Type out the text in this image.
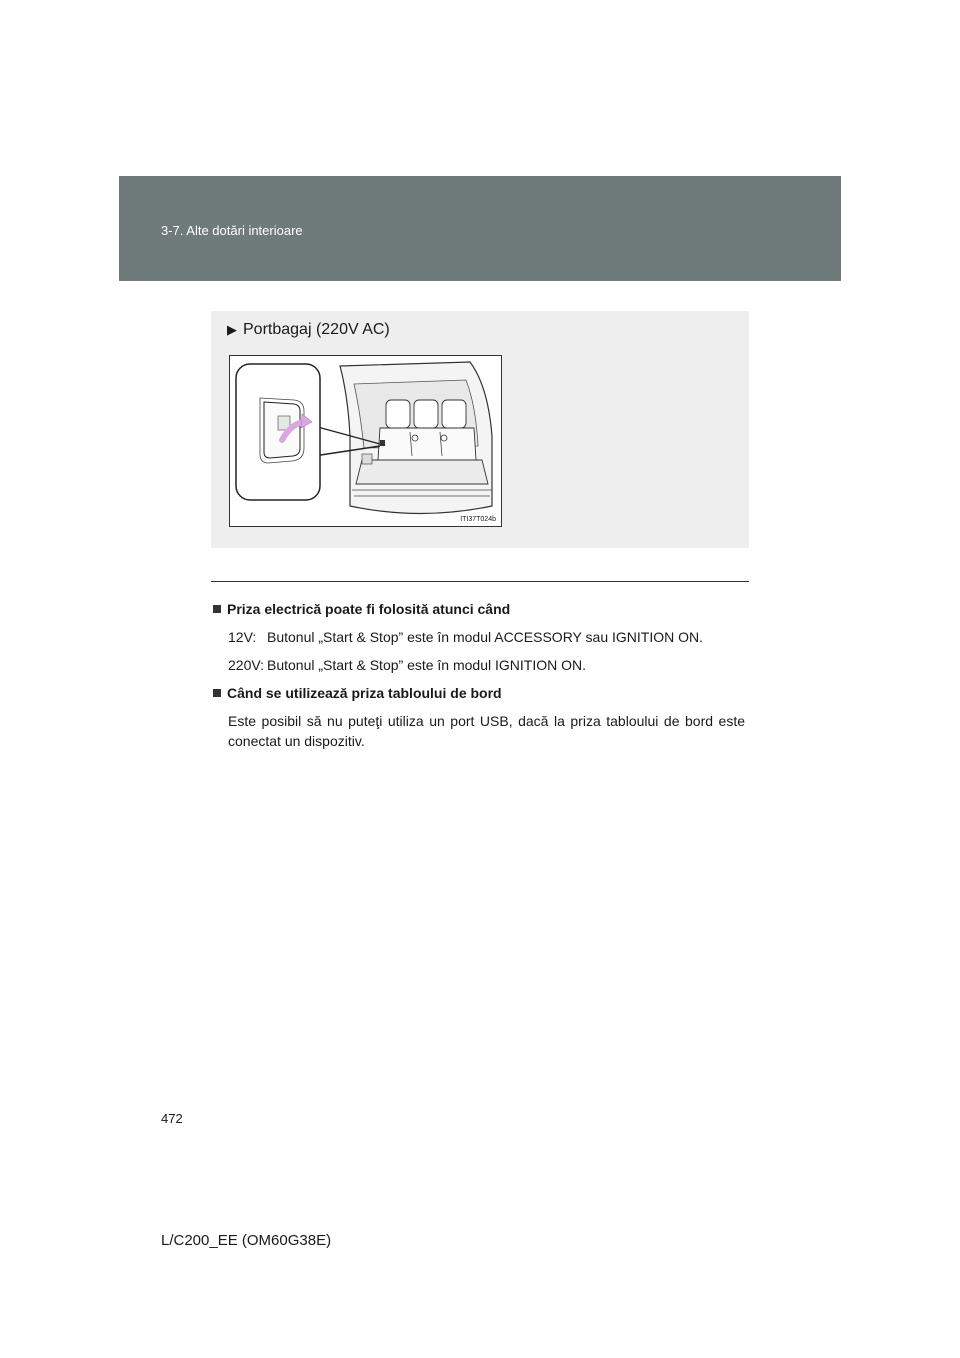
3-7. Alte dotări interioare
▶ Portbagaj (220V AC)
ITI37T024b
Priza electrică poate fi folosită atunci când
12V: Butonul „Start & Stop” este în modul ACCESSORY sau IGNITION ON.
220V: Butonul „Start & Stop” este în modul IGNITION ON.
Când se utilizează priza tabloului de bord
Este posibil să nu puteţi utiliza un port USB, dacă la priza tabloului de bord este conectat un dispozitiv.
472
L/C200_EE (OM60G38E)
